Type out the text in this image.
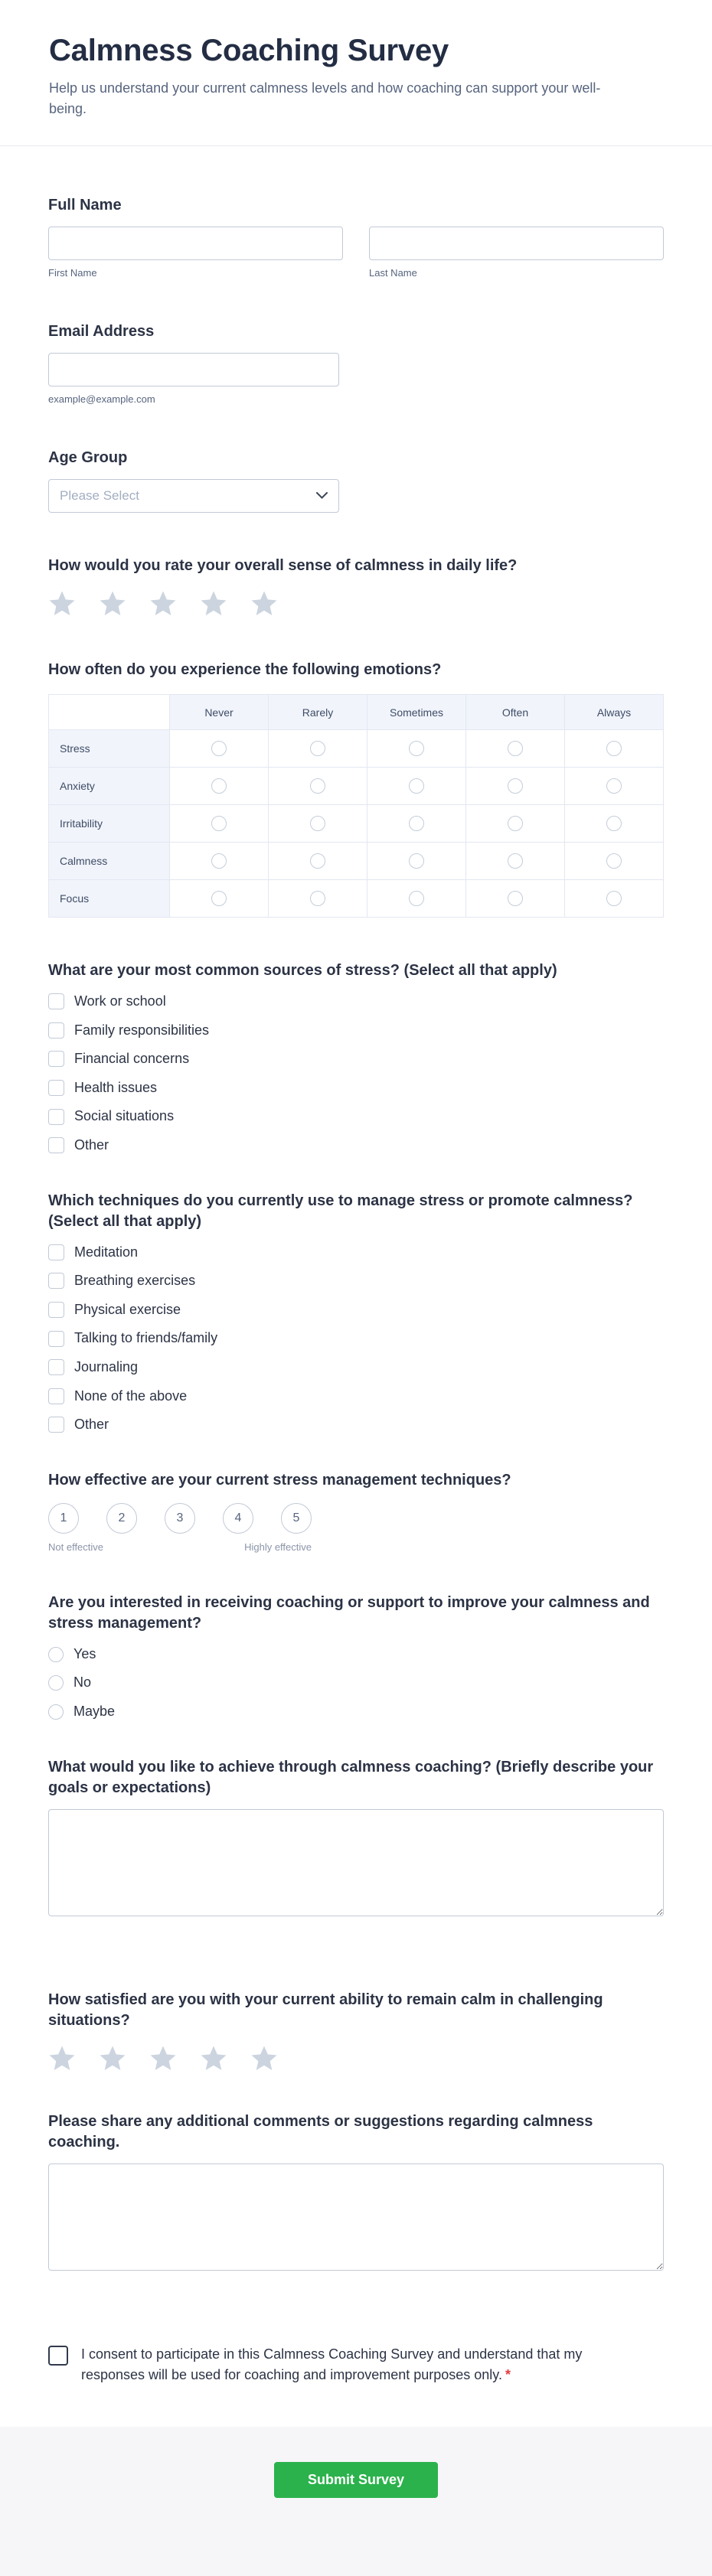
Calmness Coaching Survey
Help us understand your current calmness levels and how coaching can support your well-being.
Full Name
First Name	Last Name
Email Address
example@example.com
Age Group
Please Select
How would you rate your overall sense of calmness in daily life?
How often do you experience the following emotions?
	Never	Rarely	Sometimes	Often	Always
Stress					
Anxiety					
Irritability					
Calmness					
Focus					
What are your most common sources of stress? (Select all that apply)
Work or school
Family responsibilities
Financial concerns
Health issues
Social situations
Other
Which techniques do you currently use to manage stress or promote calmness? (Select all that apply)
Meditation
Breathing exercises
Physical exercise
Talking to friends/family
Journaling
None of the above
Other
How effective are your current stress management techniques?
1	2	3	4	5
Not effective	Highly effective
Are you interested in receiving coaching or support to improve your calmness and stress management?
Yes
No
Maybe
What would you like to achieve through calmness coaching? (Briefly describe your goals or expectations)
How satisfied are you with your current ability to remain calm in challenging situations?
Please share any additional comments or suggestions regarding calmness coaching.
I consent to participate in this Calmness Coaching Survey and understand that my responses will be used for coaching and improvement purposes only. *
Submit Survey
